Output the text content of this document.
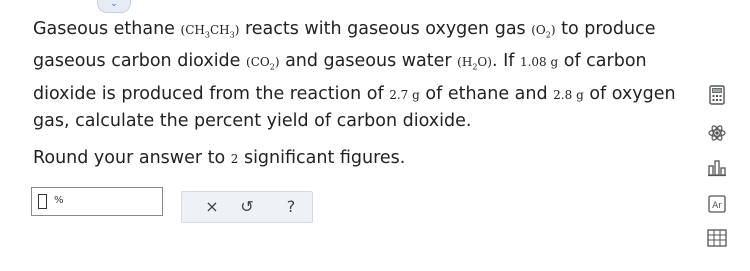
⌄
Gaseous ethane $(CH_3CH_3)$ reacts with gaseous oxygen gas $(O_2)$ to produce
gaseous carbon dioxide $(CO_2)$ and gaseous water $(H_2O)$. If 1.08 g of carbon
dioxide is produced from the reaction of 2.7 g of ethane and 2.8 g of oxygen
gas, calculate the percent yield of carbon dioxide.
Round your answer to 2 significant figures.
%	×	↺	?	Ar
